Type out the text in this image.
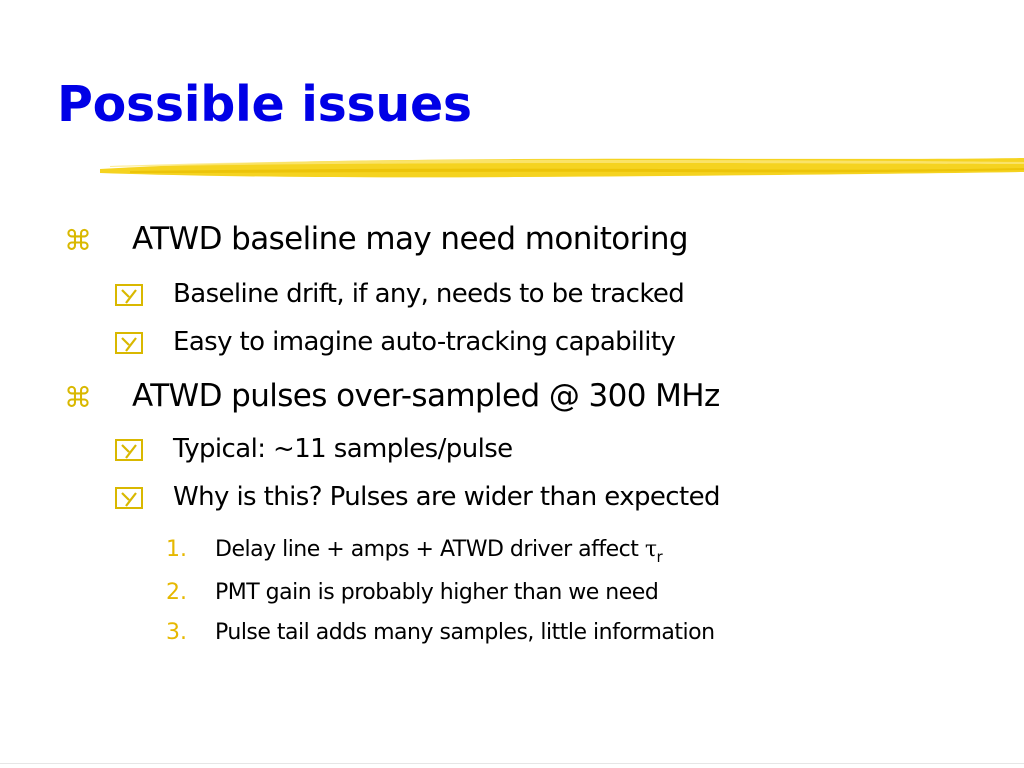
Possible issues
⌘ ATWD baseline may need monitoring
Baseline drift, if any, needs to be tracked
Easy to imagine auto-tracking capability
⌘ ATWD pulses over-sampled @ 300 MHz
Typical: ~11 samples/pulse
Why is this? Pulses are wider than expected
1. Delay line + amps + ATWD driver affect $\tau_r$
2. PMT gain is probably higher than we need
3. Pulse tail adds many samples, little information
